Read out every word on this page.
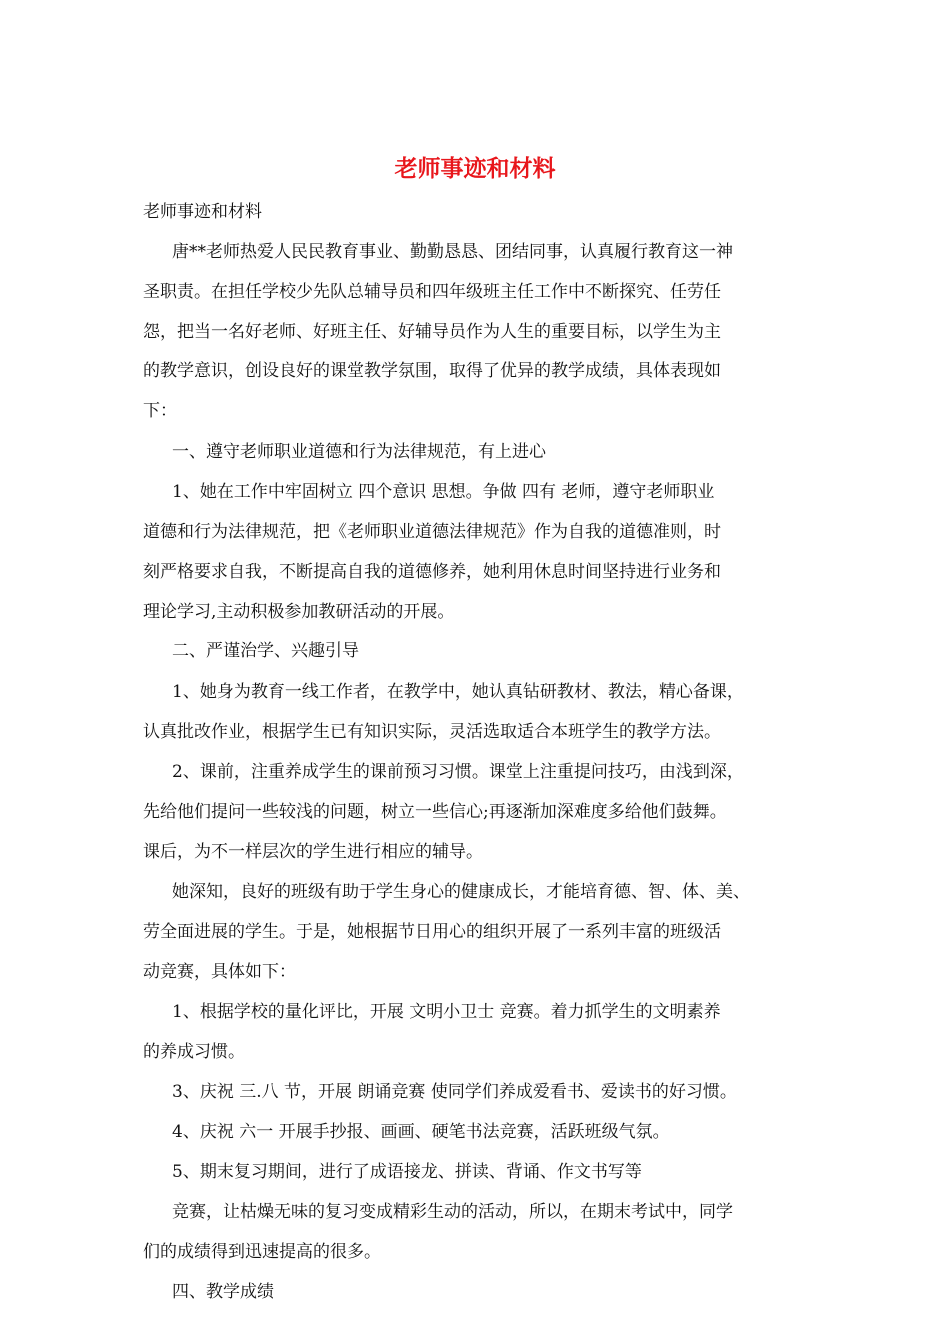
老师事迹和材料

老师事迹和材料

唐**老师热爱人民民教育事业、勤勤恳恳、团结同事，认真履行教育这一神

圣职责。在担任学校少先队总辅导员和四年级班主任工作中不断探究、任劳任

怨，把当一名好老师、好班主任、好辅导员作为人生的重要目标，以学生为主

的教学意识，创设良好的课堂教学氛围，取得了优异的教学成绩，具体表现如

下：

一、遵守老师职业道德和行为法律规范，有上进心

1、她在工作中牢固树立 四个意识 思想。争做 四有 老师，遵守老师职业

道德和行为法律规范，把《老师职业道德法律规范》作为自我的道德准则，时

刻严格要求自我，不断提高自我的道德修养，她利用休息时间坚持进行业务和

理论学习,主动积极参加教研活动的开展。

二、严谨治学、兴趣引导

1、她身为教育一线工作者，在教学中，她认真钻研教材、教法，精心备课，

认真批改作业，根据学生已有知识实际，灵活选取适合本班学生的教学方法。

2、课前，注重养成学生的课前预习习惯。课堂上注重提问技巧，由浅到深，

先给他们提问一些较浅的问题，树立一些信心;再逐渐加深难度多给他们鼓舞。

课后，为不一样层次的学生进行相应的辅导。

她深知，良好的班级有助于学生身心的健康成长，才能培育德、智、体、美、

劳全面进展的学生。于是，她根据节日用心的组织开展了一系列丰富的班级活

动竞赛，具体如下：

1、根据学校的量化评比，开展 文明小卫士 竞赛。着力抓学生的文明素养

的养成习惯。

3、庆祝 三.八 节，开展 朗诵竞赛 使同学们养成爱看书、爱读书的好习惯。

4、庆祝 六一 开展手抄报、画画、硬笔书法竞赛，活跃班级气氛。

5、期末复习期间，进行了成语接龙、拼读、背诵、作文书写等

竞赛，让枯燥无味的复习变成精彩生动的活动，所以，在期末考试中，同学

们的成绩得到迅速提高的很多。

四、教学成绩
